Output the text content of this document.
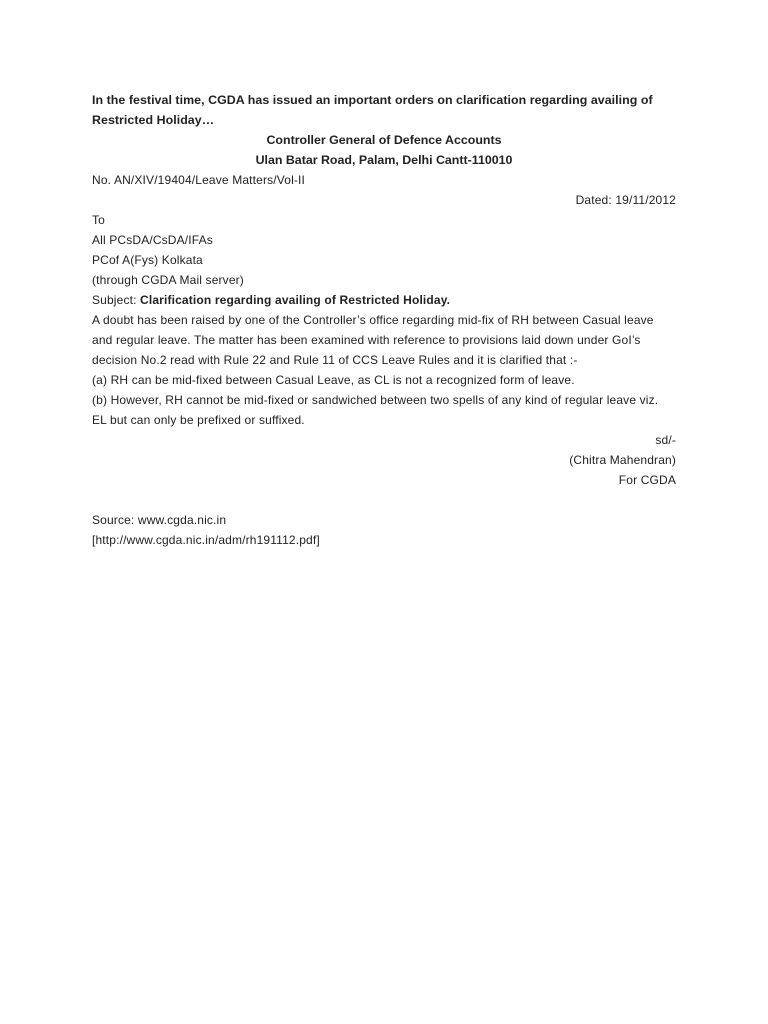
In the festival time, CGDA has issued an important orders on clarification regarding availing of Restricted Holiday…
Controller General of Defence Accounts
Ulan Batar Road, Palam, Delhi Cantt-110010
No. AN/XIV/19404/Leave Matters/Vol-II
Dated: 19/11/2012
To
All PCsDA/CsDA/IFAs
PCof A(Fys) Kolkata
(through CGDA Mail server)
Subject: Clarification regarding availing of Restricted Holiday.
A doubt has been raised by one of the Controller’s office regarding mid-fix of RH between Casual leave and regular leave. The matter has been examined with reference to provisions laid down under GoI’s decision No.2 read with Rule 22 and Rule 11 of CCS Leave Rules and it is clarified that :-
(a) RH can be mid-fixed between Casual Leave, as CL is not a recognized form of leave.
(b) However, RH cannot be mid-fixed or sandwiched between two spells of any kind of regular leave viz. EL but can only be prefixed or suffixed.
sd/-
(Chitra Mahendran)
For CGDA
Source: www.cgda.nic.in
[http://www.cgda.nic.in/adm/rh191112.pdf]
